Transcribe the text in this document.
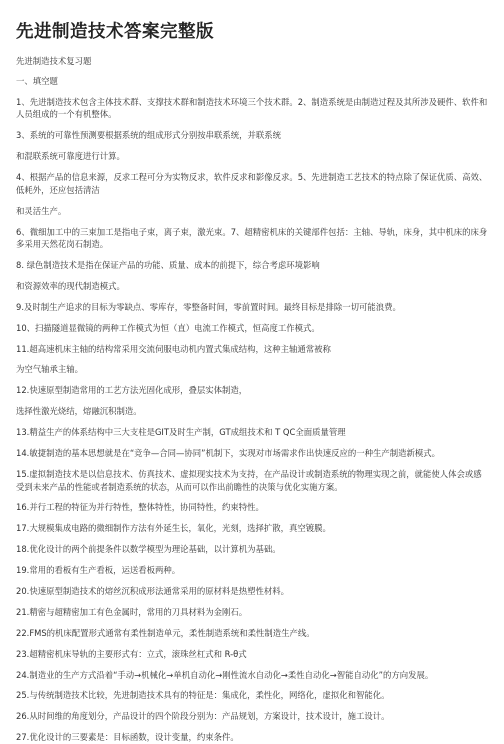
先进制造技术答案完整版
先进制造技术复习题

一、填空题

1、先进制造技术包含主体技术群、支撑技术群和制造技术环境三个技术群。2、制造系统是由制造过程及其所涉及硬件、软件和人员组成的一个有机整体。

3、系统的可靠性预测要根据系统的组成形式分别按串联系统，并联系统

和混联系统可靠度进行计算。

4、根据产品的信息来源，反求工程可分为实物反求，软件反求和影像反求。5、先进制造工艺技术的特点除了保证优质、高效、低耗外，还应包括清洁

和灵活生产。

6、微细加工中的三束加工是指电子束，离子束，激光束。7、超精密机床的关键部件包括：主轴、导轨，床身，其中机床的床身多采用天然花岗石制造。

8. 绿色制造技术是指在保证产品的功能、质量、成本的前提下，综合考虑环境影响

和资源效率的现代制造模式。

9.及时制生产追求的目标为零缺点、零库存，零整备时间，零前置时间。最终目标是排除一切可能浪费。

10、扫描隧道显微镜的两种工作模式为恒（直）电流工作模式，恒高度工作模式。

11.超高速机床主轴的结构常采用交流伺服电动机内置式集成结构，这种主轴通常被称

为空气轴承主轴。

12.快速原型制造常用的工艺方法光固化成形，叠层实体制造，

选择性激光烧结，熔融沉积制造。

13.精益生产的体系结构中三大支柱是GIT及时生产制，GT成组技术和 T QC全面质量管理

14.敏捷制造的基本思想就是在“竞争—合同—协同”机制下，实现对市场需求作出快速反应的一种生产制造新模式。

15.虚拟制造技术是以信息技术、仿真技术、虚拟现实技术为支持，在产品设计或制造系统的物理实现之前，就能使人体会或感受到未来产品的性能或者制造系统的状态，从而可以作出前瞻性的决策与优化实施方案。

16.并行工程的特征为并行特性，整体特性，协同特性，约束特性。

17.大规模集成电路的微细制作方法有外延生长，氧化，光刻，选择扩散，真空镀膜。

18.优化设计的两个前提条件以数学模型为理论基础，以计算机为基础。

19.常用的看板有生产看板，运送看板两种。

20.快速原型制造技术的熔丝沉积成形法通常采用的原材料是热塑性材料。

21.精密与超精密加工有色金属时，常用的刀具材料为金刚石。

22.FMS的机床配置形式通常有柔性制造单元，柔性制造系统和柔性制造生产线。

23.超精密机床导轨的主要形式有：立式，滚珠丝杠式和 R-θ式

24.制造业的生产方式沿着“手动→机械化→单机自动化→刚性流水自动化→柔性自动化→智能自动化”的方向发展。

25.与传统制造技术比较，先进制造技术具有的特征是：集成化，柔性化，网络化，虚拟化和智能化。

26.从时间维的角度划分，产品设计的四个阶段分别为：产品规划，方案设计，技术设计，施工设计。

27.优化设计的三要素是：目标函数，设计变量，约束条件。
